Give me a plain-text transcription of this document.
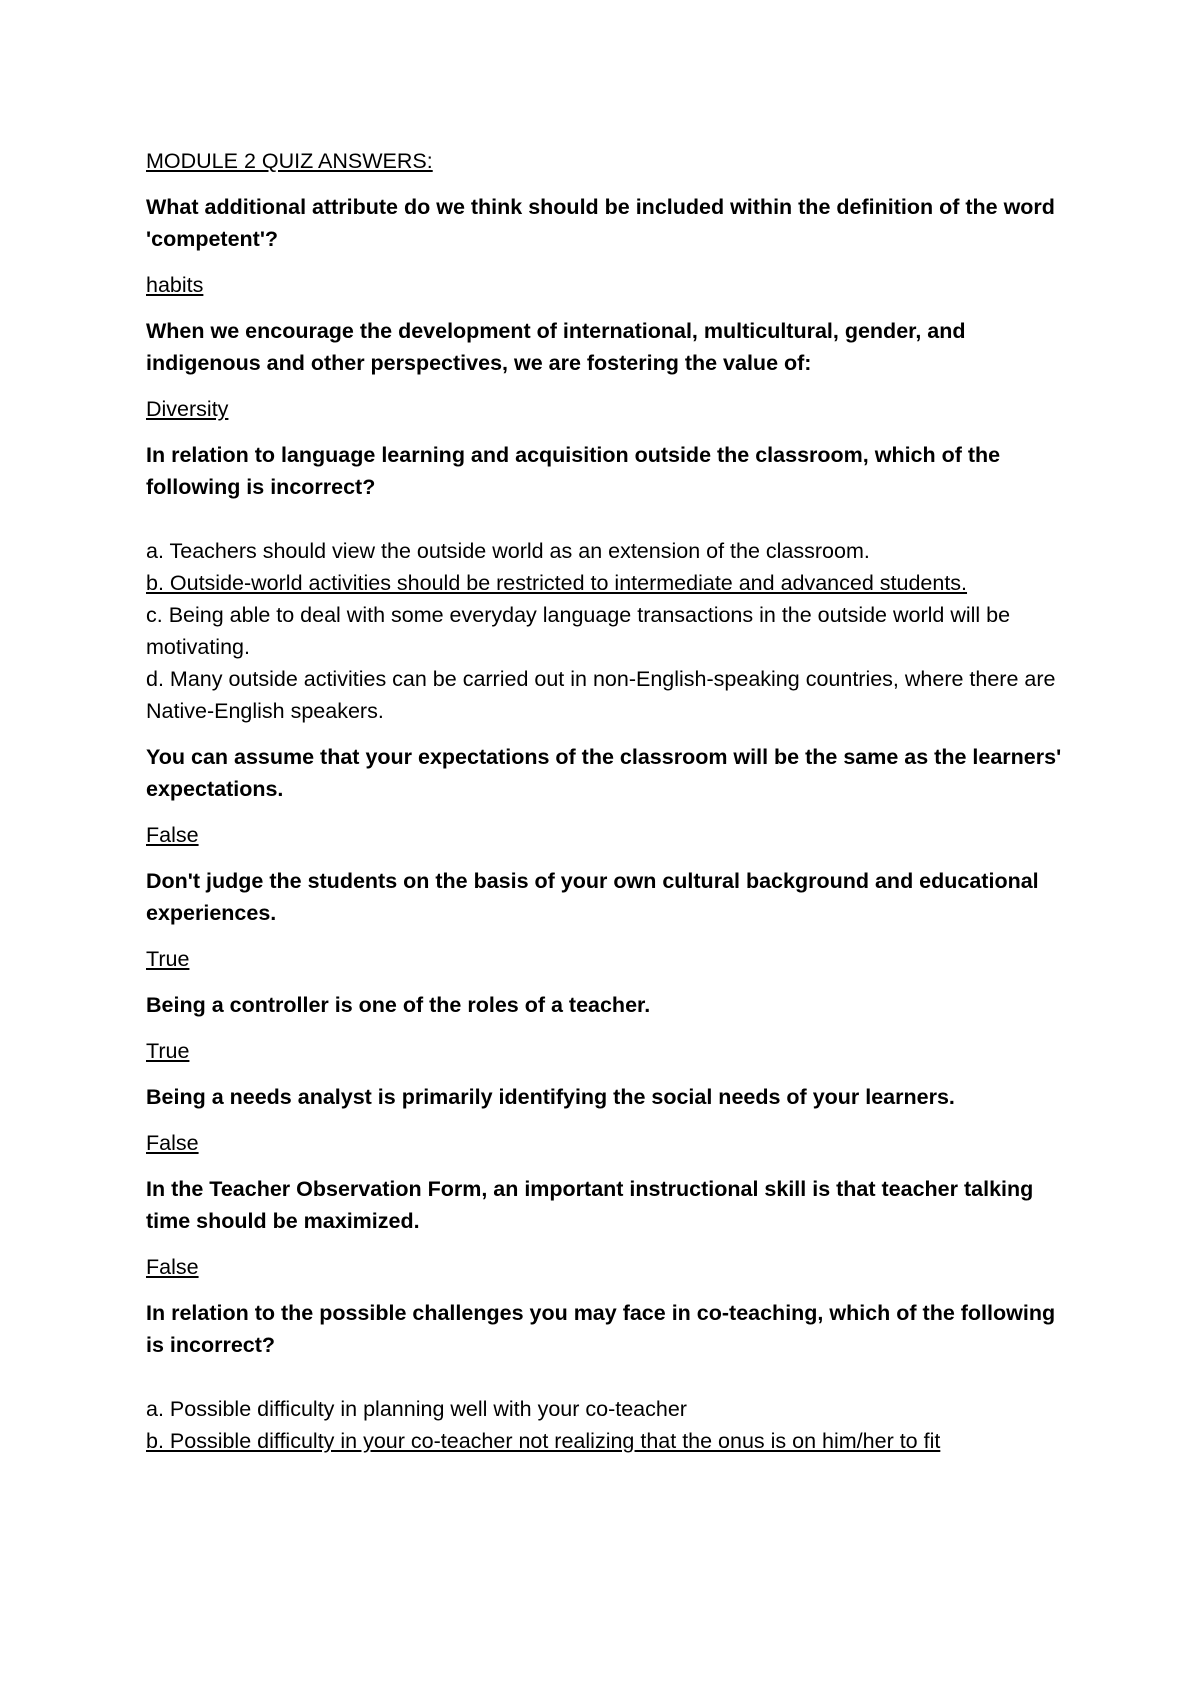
MODULE 2 QUIZ ANSWERS:
What additional attribute do we think should be included within the definition of the word 'competent'?
habits
When we encourage the development of international, multicultural, gender, and indigenous and other perspectives, we are fostering the value of:
Diversity
In relation to language learning and acquisition outside the classroom, which of the following is incorrect?
a. Teachers should view the outside world as an extension of the classroom.
b. Outside-world activities should be restricted to intermediate and advanced students.
c. Being able to deal with some everyday language transactions in the outside world will be motivating.
d. Many outside activities can be carried out in non-English-speaking countries, where there are Native-English speakers.
You can assume that your expectations of the classroom will be the same as the learners' expectations.
False
Don't judge the students on the basis of your own cultural background and educational experiences.
True
Being a controller is one of the roles of a teacher.
True
Being a needs analyst is primarily identifying the social needs of your learners.
False
In the Teacher Observation Form, an important instructional skill is that teacher talking time should be maximized.
False
In relation to the possible challenges you may face in co-teaching, which of the following is incorrect?
a. Possible difficulty in planning well with your co-teacher
b. Possible difficulty in your co-teacher not realizing that the onus is on him/her to fit
